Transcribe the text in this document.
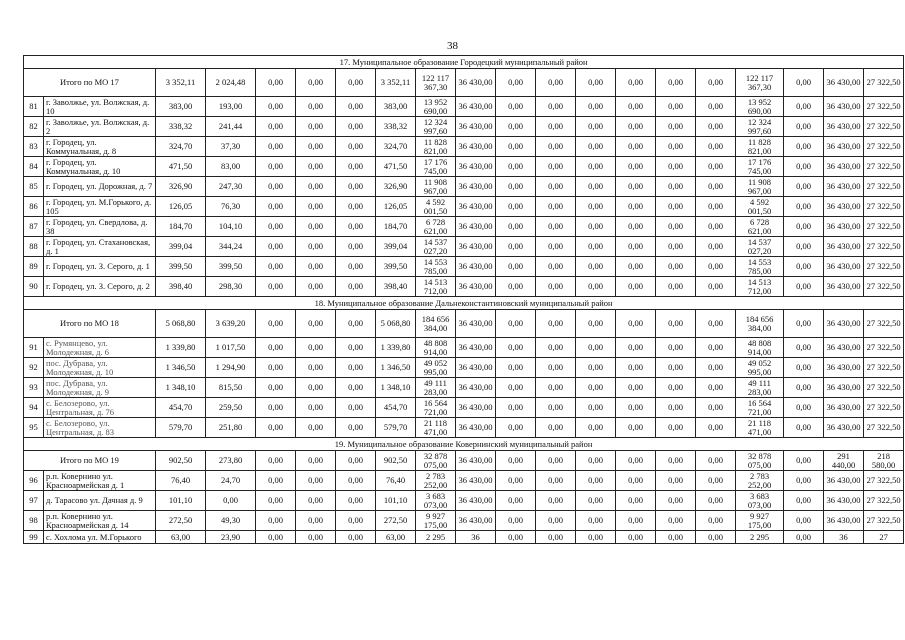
38
17. Муниципальное образование Городецкий муниципальный район																			
Итого по МО 17		3 352,11	2 024,48	0,00	0,00	0,00	3 352,11	122 117 367,30	36 430,00	0,00	0,00	0,00	0,00	0,00	0,00	122 117 367,30	0,00	36 430,00	27 322,50
81	г. Заволжье, ул. Волжская, д. 10	383,00	193,00	0,00	0,00	0,00	383,00	13 952 690,00	36 430,00	0,00	0,00	0,00	0,00	0,00	0,00	13 952 690,00	0,00	36 430,00	27 322,50
82	г. Заволжье, ул. Волжская, д. 2	338,32	241,44	0,00	0,00	0,00	338,32	12 324 997,60	36 430,00	0,00	0,00	0,00	0,00	0,00	0,00	12 324 997,60	0,00	36 430,00	27 322,50
83	г. Городец, ул. Коммунальная, д. 8	324,70	37,30	0,00	0,00	0,00	324,70	11 828 821,00	36 430,00	0,00	0,00	0,00	0,00	0,00	0,00	11 828 821,00	0,00	36 430,00	27 322,50
84	г. Городец, ул. Коммунальная, д. 10	471,50	83,00	0,00	0,00	0,00	471,50	17 176 745,00	36 430,00	0,00	0,00	0,00	0,00	0,00	0,00	17 176 745,00	0,00	36 430,00	27 322,50
85	г. Городец, ул. Дорожная, д. 7	326,90	247,30	0,00	0,00	0,00	326,90	11 908 967,00	36 430,00	0,00	0,00	0,00	0,00	0,00	0,00	11 908 967,00	0,00	36 430,00	27 322,50
86	г. Городец, ул. М.Горького, д. 105	126,05	76,30	0,00	0,00	0,00	126,05	4 592 001,50	36 430,00	0,00	0,00	0,00	0,00	0,00	0,00	4 592 001,50	0,00	36 430,00	27 322,50
87	г. Городец, ул. Свердлова, д. 38	184,70	104,10	0,00	0,00	0,00	184,70	6 728 621,00	36 430,00	0,00	0,00	0,00	0,00	0,00	0,00	6 728 621,00	0,00	36 430,00	27 322,50
88	г. Городец, ул. Стахановская, д. 1	399,04	344,24	0,00	0,00	0,00	399,04	14 537 027,20	36 430,00	0,00	0,00	0,00	0,00	0,00	0,00	14 537 027,20	0,00	36 430,00	27 322,50
89	г. Городец, ул. З. Серого, д. 1	399,50	399,50	0,00	0,00	0,00	399,50	14 553 785,00	36 430,00	0,00	0,00	0,00	0,00	0,00	0,00	14 553 785,00	0,00	36 430,00	27 322,50
90	г. Городец, ул. З. Серого, д. 2	398,40	298,30	0,00	0,00	0,00	398,40	14 513 712,00	36 430,00	0,00	0,00	0,00	0,00	0,00	0,00	14 513 712,00	0,00	36 430,00	27 322,50
18. Муниципальное образование Дальнеконстантиновский муниципальный район																			
Итого по МО 18		5 068,80	3 639,20	0,00	0,00	0,00	5 068,80	184 656 384,00	36 430,00	0,00	0,00	0,00	0,00	0,00	0,00	184 656 384,00	0,00	36 430,00	27 322,50
91	с. Румянцево, ул. Молодежная, д. 6	1 339,80	1 017,50	0,00	0,00	0,00	1 339,80	48 808 914,00	36 430,00	0,00	0,00	0,00	0,00	0,00	0,00	48 808 914,00	0,00	36 430,00	27 322,50
92	пос. Дубрава, ул. Молодежная, д. 10	1 346,50	1 294,90	0,00	0,00	0,00	1 346,50	49 052 995,00	36 430,00	0,00	0,00	0,00	0,00	0,00	0,00	49 052 995,00	0,00	36 430,00	27 322,50
93	пос. Дубрава, ул. Молодежная, д. 9	1 348,10	815,50	0,00	0,00	0,00	1 348,10	49 111 283,00	36 430,00	0,00	0,00	0,00	0,00	0,00	0,00	49 111 283,00	0,00	36 430,00	27 322,50
94	с. Белозерово, ул. Центральная, д. 76	454,70	259,50	0,00	0,00	0,00	454,70	16 564 721,00	36 430,00	0,00	0,00	0,00	0,00	0,00	0,00	16 564 721,00	0,00	36 430,00	27 322,50
95	с. Белозерово, ул. Центральная, д. 83	579,70	251,80	0,00	0,00	0,00	579,70	21 118 471,00	36 430,00	0,00	0,00	0,00	0,00	0,00	0,00	21 118 471,00	0,00	36 430,00	27 322,50
19. Муниципальное образование Ковернинский муниципальный район																			
Итого по МО 19		902,50	273,80	0,00	0,00	0,00	902,50	32 878 075,00	36 430,00	0,00	0,00	0,00	0,00	0,00	0,00	32 878 075,00	0,00	291 440,00	218 580,00
96	р.п. Ковернино ул. Красноармейская д. 1	76,40	24,70	0,00	0,00	0,00	76,40	2 783 252,00	36 430,00	0,00	0,00	0,00	0,00	0,00	0,00	2 783 252,00	0,00	36 430,00	27 322,50
97	д. Тарасово ул. Дачная д. 9	101,10	0,00	0,00	0,00	0,00	101,10	3 683 073,00	36 430,00	0,00	0,00	0,00	0,00	0,00	0,00	3 683 073,00	0,00	36 430,00	27 322,50
98	р.п. Ковернино ул. Красноармейская д. 14	272,50	49,30	0,00	0,00	0,00	272,50	9 927 175,00	36 430,00	0,00	0,00	0,00	0,00	0,00	0,00	9 927 175,00	0,00	36 430,00	27 322,50
99	с. Хохлома ул. М.Горького	63,00	23,90	0,00	0,00	0,00	63,00	2 295	36	0,00	0,00	0,00	0,00	0,00	0,00	2 295	0,00	36	27
